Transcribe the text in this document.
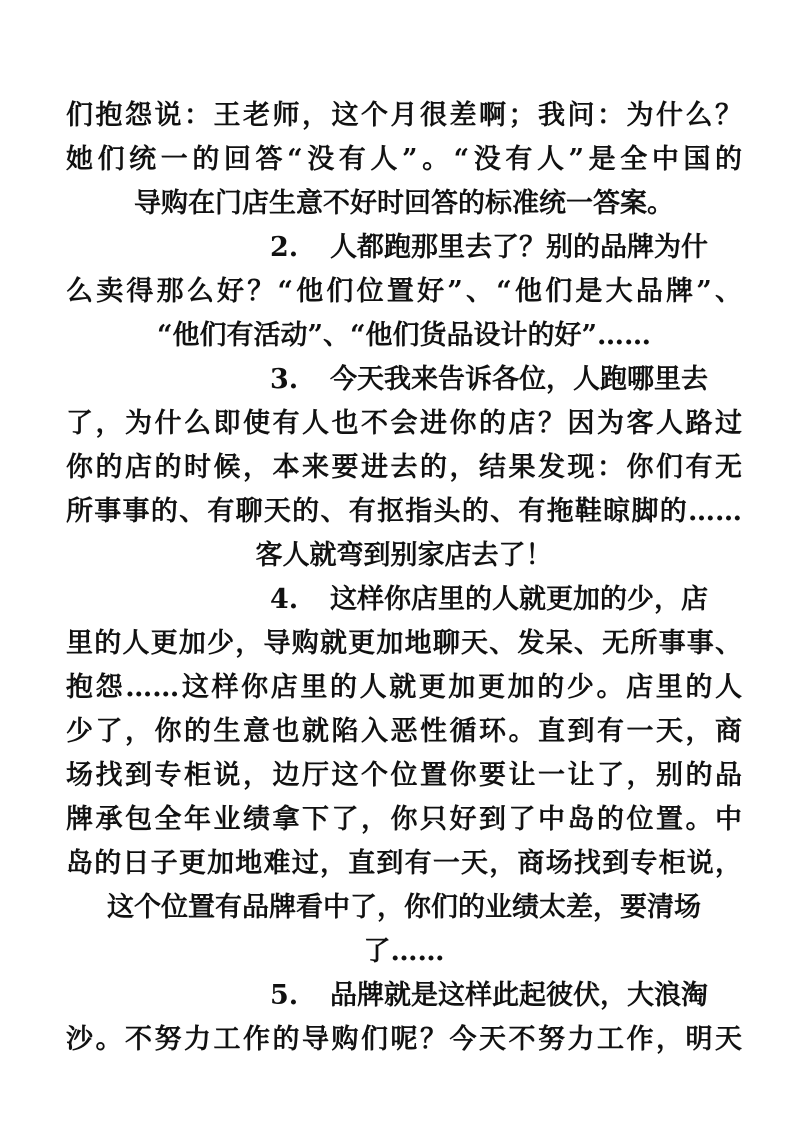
们抱怨说：王老师，这个月很差啊；我问：为什么？
她们统一的回答“没有人”。“没有人”是全中国的
导购在门店生意不好时回答的标准统一答案。
2. 人都跑那里去了？别的品牌为什
么卖得那么好？“他们位置好”、“他们是大品牌”、
“他们有活动”、“他们货品设计的好”……
3. 今天我来告诉各位，人跑哪里去
了，为什么即使有人也不会进你的店？因为客人路过
你的店的时候，本来要进去的，结果发现：你们有无
所事事的、有聊天的、有抠指头的、有拖鞋晾脚的……
客人就弯到别家店去了！
4. 这样你店里的人就更加的少，店
里的人更加少，导购就更加地聊天、发呆、无所事事、
抱怨……这样你店里的人就更加更加的少。店里的人
少了，你的生意也就陷入恶性循环。直到有一天，商
场找到专柜说，边厅这个位置你要让一让了，别的品
牌承包全年业绩拿下了，你只好到了中岛的位置。中
岛的日子更加地难过，直到有一天，商场找到专柜说，
这个位置有品牌看中了，你们的业绩太差，要清场
了……
5. 品牌就是这样此起彼伏，大浪淘
沙。不努力工作的导购们呢？今天不努力工作，明天
